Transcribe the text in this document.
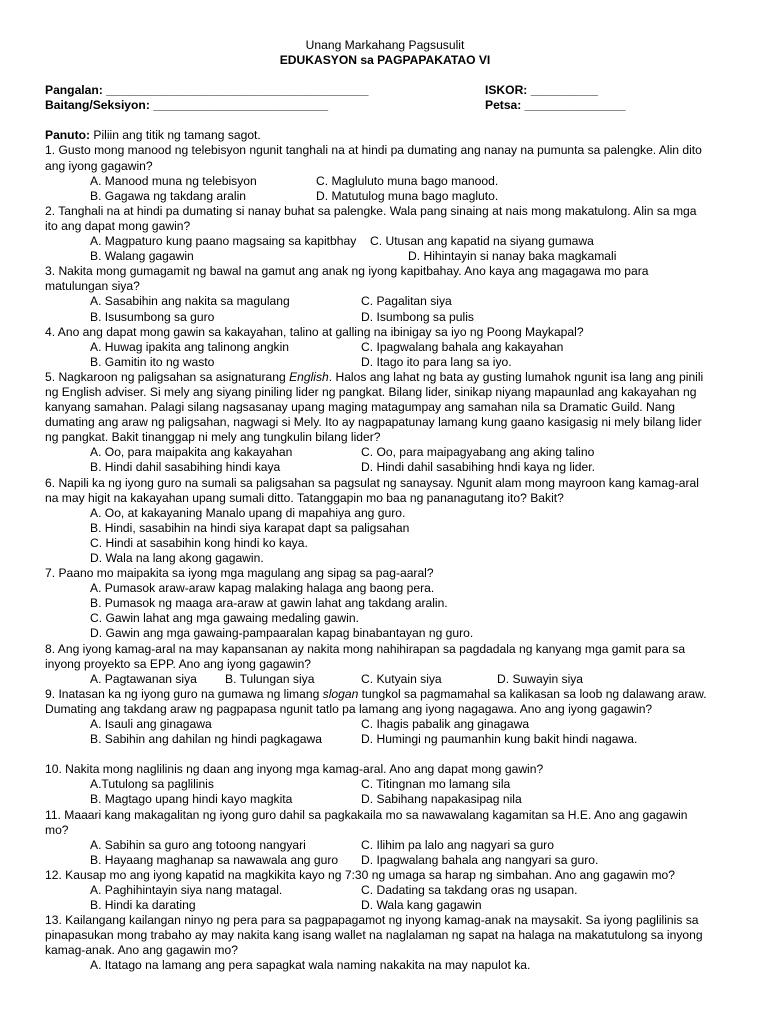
Unang Markahang Pagsusulit
EDUKASYON sa PAGPAPAKATAO VI
Pangalan: _______________________________________	ISKOR: __________
Baitang/Seksiyon: __________________________	Petsa: _______________
Panuto: Piliin ang titik ng tamang sagot.
1. Gusto mong manood ng telebisyon ngunit tanghali na at hindi pa dumating ang nanay na pumunta sa palengke. Alin dito
ang iyong gagawin?
A. Manood muna ng telebisyon	C. Magluluto muna bago manood.
B. Gagawa ng takdang aralin	D. Matutulog muna bago magluto.
2. Tanghali na at hindi pa dumating si nanay buhat sa palengke. Wala pang sinaing at nais mong makatulong. Alin sa mga
ito ang dapat mong gawin?
A. Magpaturo kung paano magsaing sa kapitbhay	C. Utusan ang kapatid na siyang gumawa
B. Walang gagawin	D. Hihintayin si nanay baka magkamali
3. Nakita mong gumagamit ng bawal na gamut ang anak ng iyong kapitbahay. Ano kaya ang magagawa mo para
matulungan siya?
A. Sasabihin ang nakita sa magulang	C. Pagalitan siya
B. Isusumbong sa guro	D. Isumbong sa pulis
4. Ano ang dapat mong gawin sa kakayahan, talino at galling na ibinigay sa iyo ng Poong Maykapal?
A. Huwag ipakita ang talinong angkin	C. Ipagwalang bahala ang kakayahan
B. Gamitin ito ng wasto	D. Itago ito para lang sa iyo.
5. Nagkaroon ng paligsahan sa asignaturang English. Halos ang lahat ng bata ay gusting lumahok ngunit isa lang ang pinili
ng English adviser. Si mely ang siyang piniling lider ng pangkat. Bilang lider, sinikap niyang mapaunlad ang kakayahan ng
kanyang samahan. Palagi silang nagsasanay upang maging matagumpay ang samahan nila sa Dramatic Guild. Nang
dumating ang araw ng paligsahan, nagwagi si Mely. Ito ay nagpapatunay lamang kung gaano kasigasig ni mely bilang lider
ng pangkat. Bakit tinanggap ni mely ang tungkulin bilang lider?
A. Oo, para maipakita ang kakayahan	C. Oo, para maipagyabang ang aking talino
B. Hindi dahil sasabihing hindi kaya	D. Hindi dahil sasabihing hndi kaya ng lider.
6. Napili ka ng iyong guro na sumali sa paligsahan sa pagsulat ng sanaysay. Ngunit alam mong mayroon kang kamag-aral
na may higit na kakayahan upang sumali ditto. Tatanggapin mo baa ng pananagutang ito? Bakit?
A. Oo, at kakayaning Manalo upang di mapahiya ang guro.
B. Hindi, sasabihin na hindi siya karapat dapt sa paligsahan
C. Hindi at sasabihin kong hindi ko kaya.
D. Wala na lang akong gagawin.
7. Paano mo maipakita sa iyong mga magulang ang sipag sa pag-aaral?
A. Pumasok araw-araw kapag malaking halaga ang baong pera.
B. Pumasok ng maaga ara-araw at gawin lahat ang takdang aralin.
C. Gawin lahat ang mga gawaing medaling gawin.
D. Gawin ang mga gawaing-pampaaralan kapag binabantayan ng guro.
8. Ang iyong kamag-aral na may kapansanan ay nakita mong nahihirapan sa pagdadala ng kanyang mga gamit para sa
inyong proyekto sa EPP. Ano ang iyong gagawin?
A. Pagtawanan siya	B. Tulungan siya	C. Kutyain siya	D. Suwayin siya
9. Inatasan ka ng iyong guro na gumawa ng limang slogan tungkol sa pagmamahal sa kalikasan sa loob ng dalawang araw.
Dumating ang takdang araw ng pagpapasa ngunit tatlo pa lamang ang iyong nagagawa. Ano ang iyong gagawin?
A. Isauli ang ginagawa	C. Ihagis pabalik ang ginagawa
B. Sabihin ang dahilan ng hindi pagkagawa	D. Humingi ng paumanhin kung bakit hindi nagawa.
10. Nakita mong naglilinis ng daan ang inyong mga kamag-aral. Ano ang dapat mong gawin?
A.Tutulong sa paglilinis	C. Titingnan mo lamang sila
B. Magtago upang hindi kayo magkita	D. Sabihang napakasipag nila
11. Maaari kang makagalitan ng iyong guro dahil sa pagkakaila mo sa nawawalang kagamitan sa H.E. Ano ang gagawin
mo?
A. Sabihin sa guro ang totoong nangyari	C. Ilihim pa lalo ang nagyari sa guro
B. Hayaang maghanap sa nawawala ang guro	D. Ipagwalang bahala ang nangyari sa guro.
12. Kausap mo ang iyong kapatid na magkikita kayo ng 7:30 ng umaga sa harap ng simbahan. Ano ang gagawin mo?
A. Paghihintayin siya nang matagal.	C. Dadating sa takdang oras ng usapan.
B. Hindi ka darating	D. Wala kang gagawin
13. Kailangang kailangan ninyo ng pera para sa pagpapagamot ng inyong kamag-anak na maysakit. Sa iyong paglilinis sa
pinapasukan mong trabaho ay may nakita kang isang wallet na naglalaman ng sapat na halaga na makatutulong sa inyong
kamag-anak. Ano ang gagawin mo?
A. Itatago na lamang ang pera sapagkat wala naming nakakita na may napulot ka.
